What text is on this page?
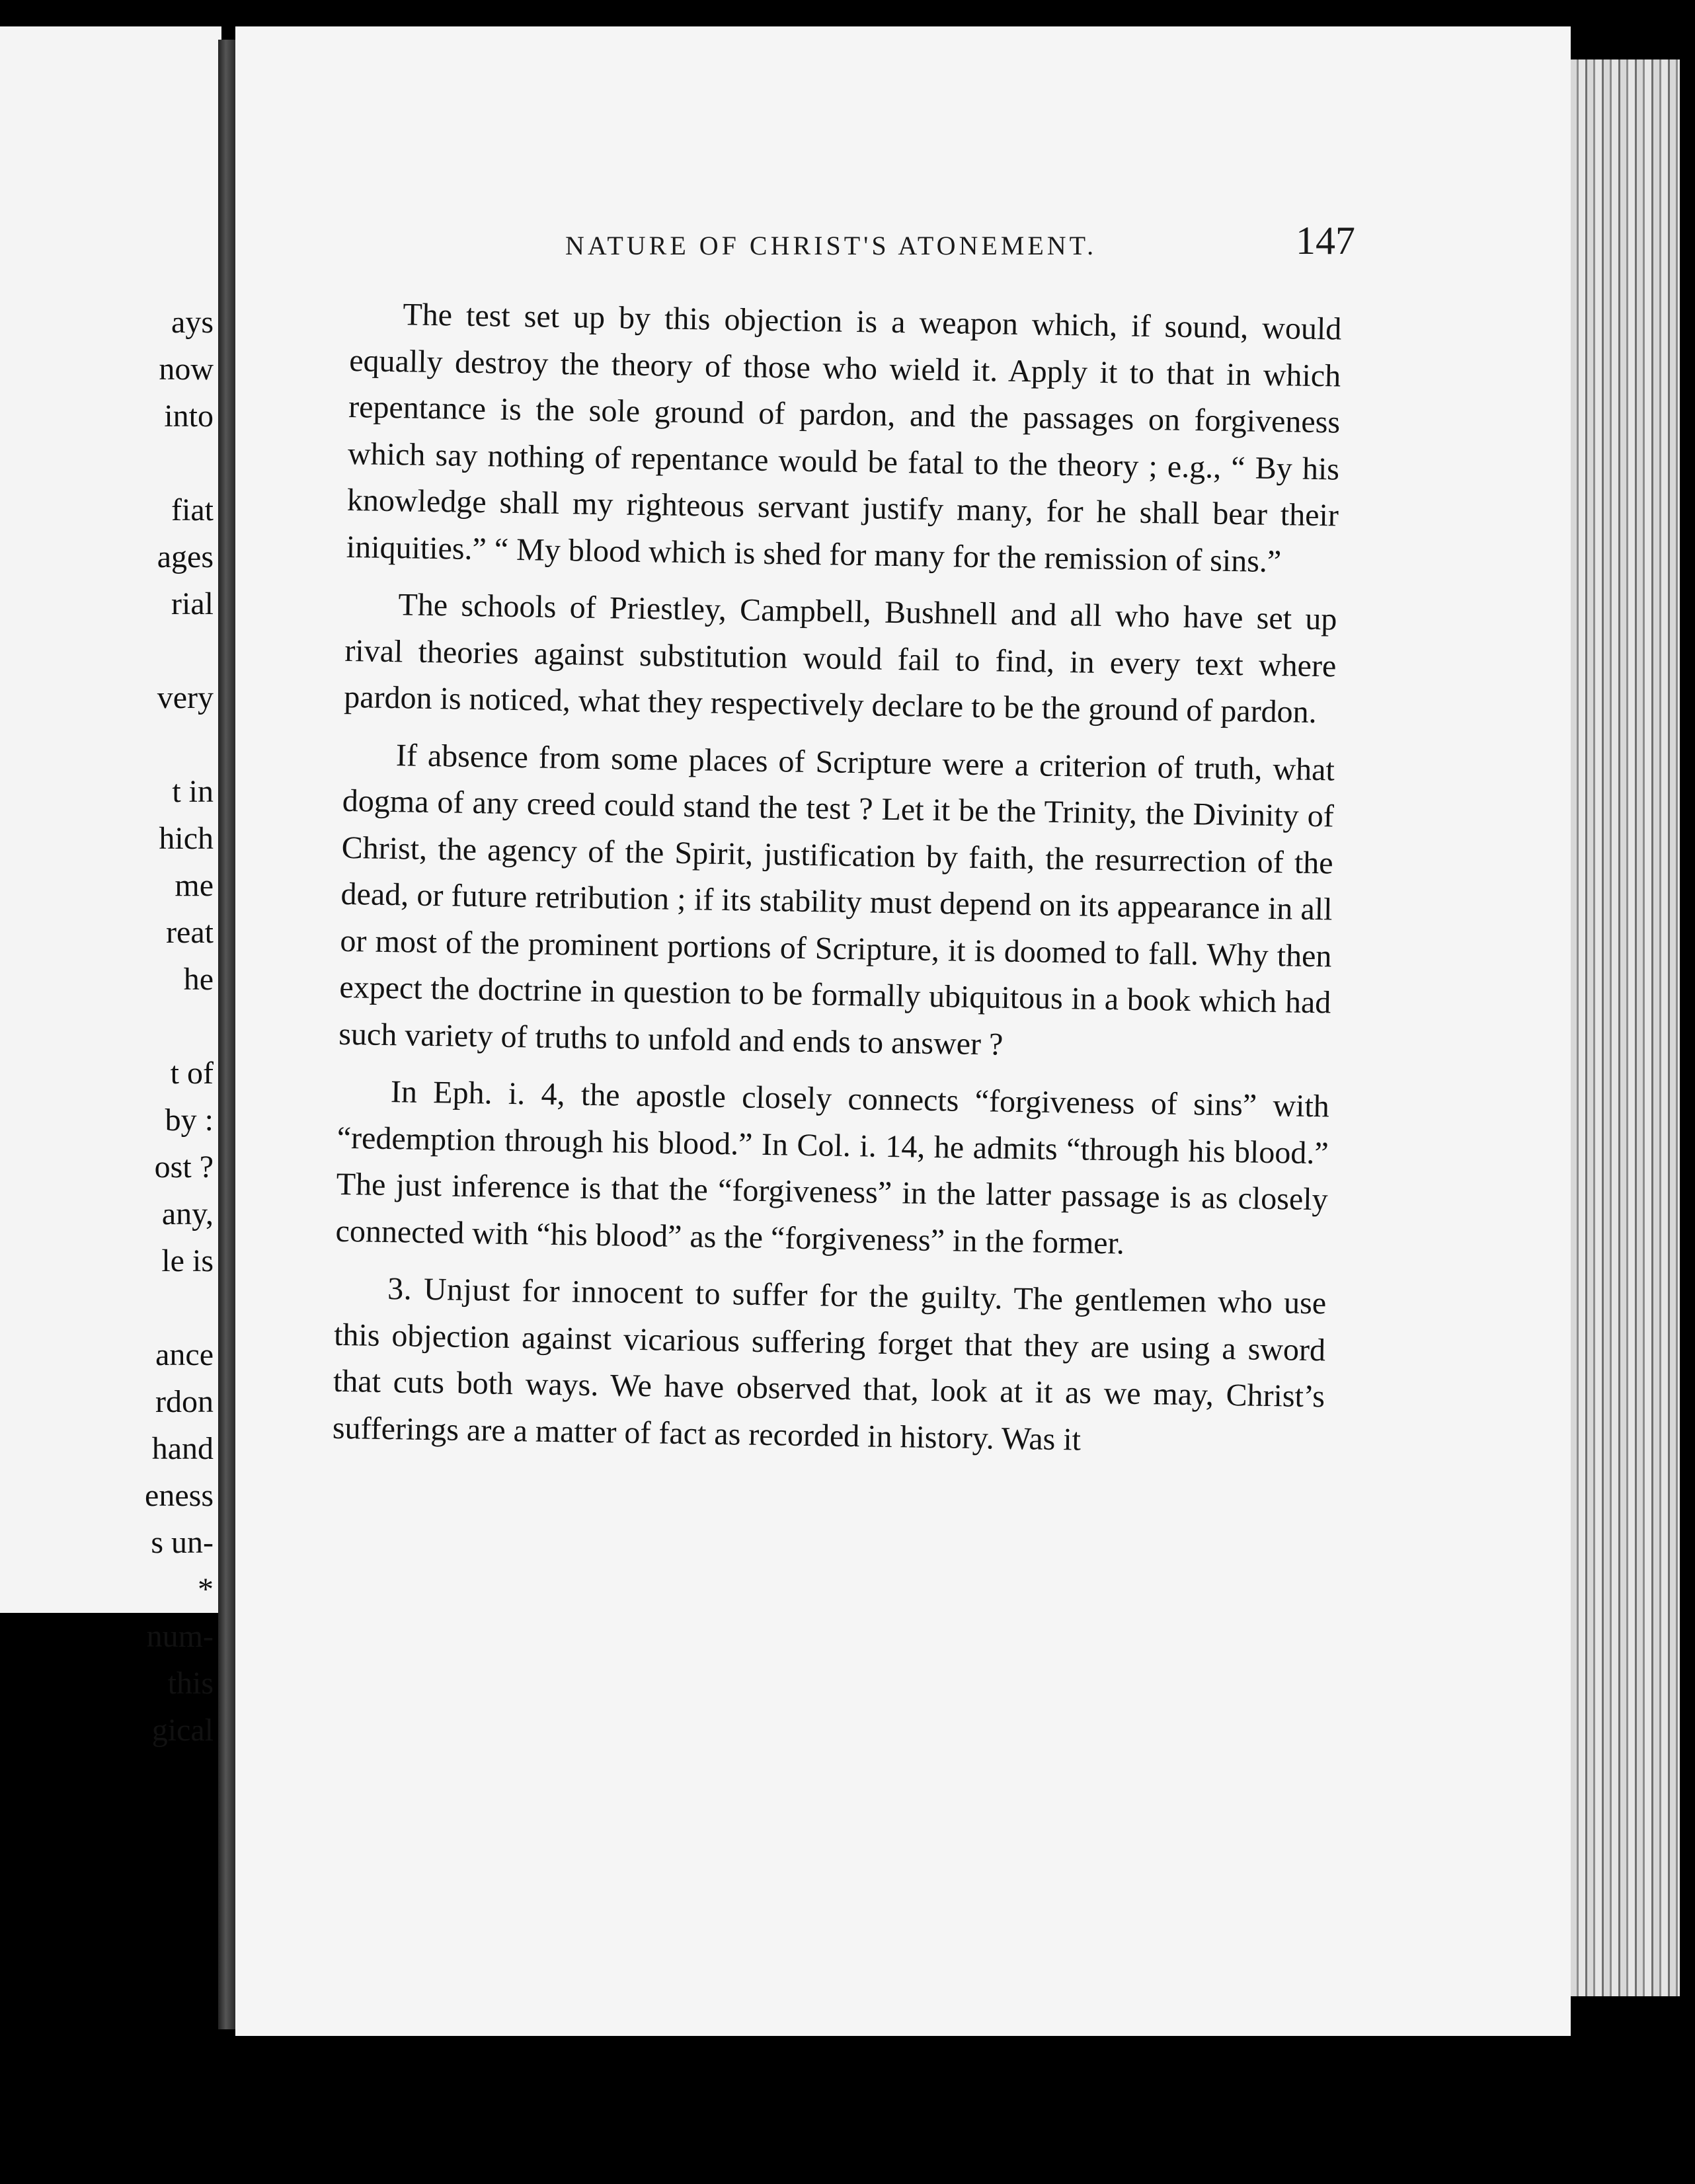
ays
now
into
fiat
ages
rial
very
t in
hich
me
reat
he
t of
by :
ost ?
any,
le is
ance
rdon
hand
eness
s un-
*
num-
this
gical
NATURE OF CHRIST'S ATONEMENT.	147

The test set up by this objection is a weapon which, if sound, would equally destroy the theory of those who wield it. Apply it to that in which repentance is the sole ground of pardon, and the passages on forgiveness which say nothing of repentance would be fatal to the theory ; e.g., “ By his knowledge shall my righteous servant justify many, for he shall bear their iniquities.” “ My blood which is shed for many for the remission of sins.”

The schools of Priestley, Campbell, Bushnell and all who have set up rival theories against substitution would fail to find, in every text where pardon is noticed, what they respectively declare to be the ground of pardon.

If absence from some places of Scripture were a criterion of truth, what dogma of any creed could stand the test ? Let it be the Trinity, the Divinity of Christ, the agency of the Spirit, justification by faith, the resurrection of the dead, or future retribution ; if its stability must depend on its appearance in all or most of the prominent portions of Scripture, it is doomed to fall. Why then expect the doctrine in question to be formally ubiquitous in a book which had such variety of truths to unfold and ends to answer ?

In Eph. i. 4, the apostle closely connects “forgiveness of sins” with “redemption through his blood.” In Col. i. 14, he admits “through his blood.” The just inference is that the “forgiveness” in the latter passage is as closely connected with “his blood” as the “forgiveness” in the former.

3. Unjust for innocent to suffer for the guilty. The gentlemen who use this objection against vicarious suffering forget that they are using a sword that cuts both ways. We have observed that, look at it as we may, Christ’s sufferings are a matter of fact as recorded in history. Was it
